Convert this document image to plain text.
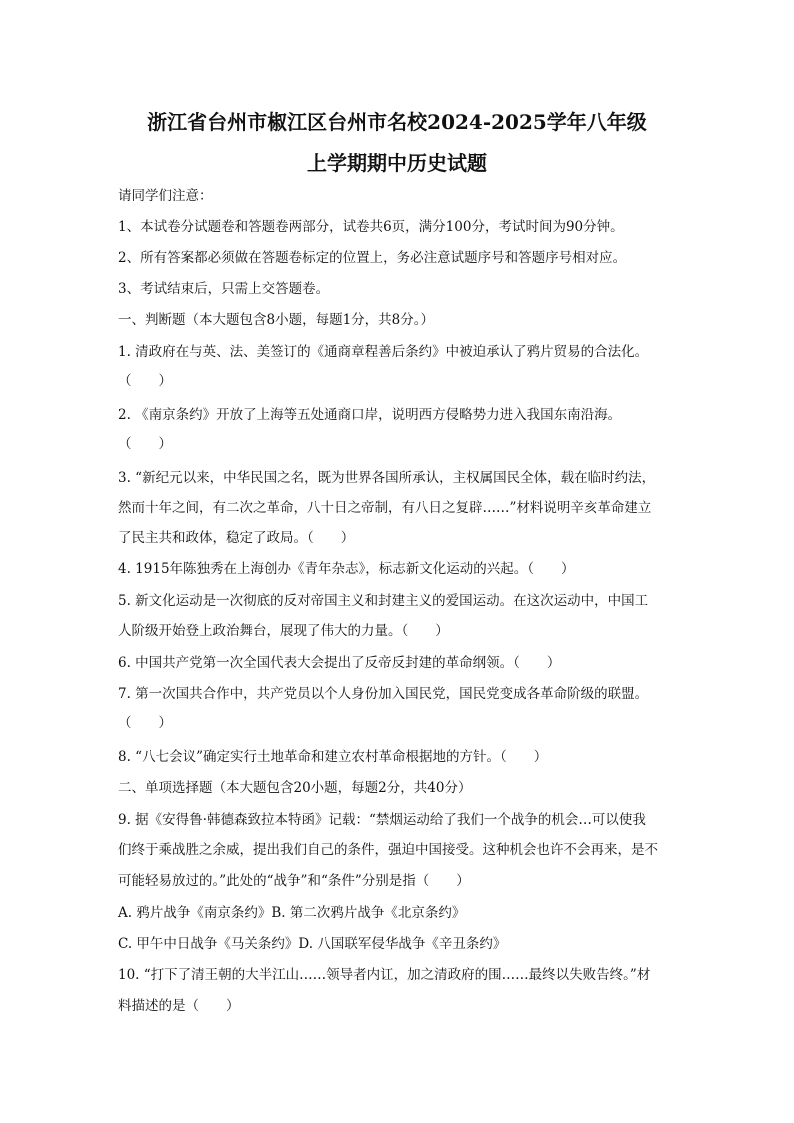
浙江省台州市椒江区台州市名校2024-2025学年八年级
上学期期中历史试题
请同学们注意：
1、本试卷分试题卷和答题卷两部分，试卷共6页，满分100分，考试时间为90分钟。
2、所有答案都必须做在答题卷标定的位置上，务必注意试题序号和答题序号相对应。
3、考试结束后，只需上交答题卷。
一、判断题（本大题包含8小题，每题1分，共8分。）
1. 清政府在与英、法、美签订的《通商章程善后条约》中被迫承认了鸦片贸易的合法化。
（　　）
2. 《南京条约》开放了上海等五处通商口岸，说明西方侵略势力进入我国东南沿海。
（　　）
3. “新纪元以来，中华民国之名，既为世界各国所承认，主权属国民全体，载在临时约法，
然而十年之间，有二次之革命，八十日之帝制，有八日之复辟……”材料说明辛亥革命建立
了民主共和政体，稳定了政局。（　　）
4. 1915年陈独秀在上海创办《青年杂志》，标志新文化运动的兴起。（　　）
5. 新文化运动是一次彻底的反对帝国主义和封建主义的爱国运动。在这次运动中，中国工
人阶级开始登上政治舞台，展现了伟大的力量。（　　）
6. 中国共产党第一次全国代表大会提出了反帝反封建的革命纲领。（　　）
7. 第一次国共合作中，共产党员以个人身份加入国民党，国民党变成各革命阶级的联盟。
（　　）
8. “八七会议”确定实行土地革命和建立农村革命根据地的方针。（　　）
二、单项选择题（本大题包含20小题，每题2分，共40分）
9. 据《安得鲁·韩德森致拉本特函》记载：“禁烟运动给了我们一个战争的机会…可以使我
们终于乘战胜之余威，提出我们自己的条件，强迫中国接受。这种机会也许不会再来，是不
可能轻易放过的。”此处的“战争”和“条件”分别是指（　　）
A. 鸦片战争《南京条约》B. 第二次鸦片战争《北京条约》
C. 甲午中日战争《马关条约》D. 八国联军侵华战争《辛丑条约》
10. “打下了清王朝的大半江山……领导者内讧，加之清政府的围……最终以失败告终。”材
料描述的是（　　）
